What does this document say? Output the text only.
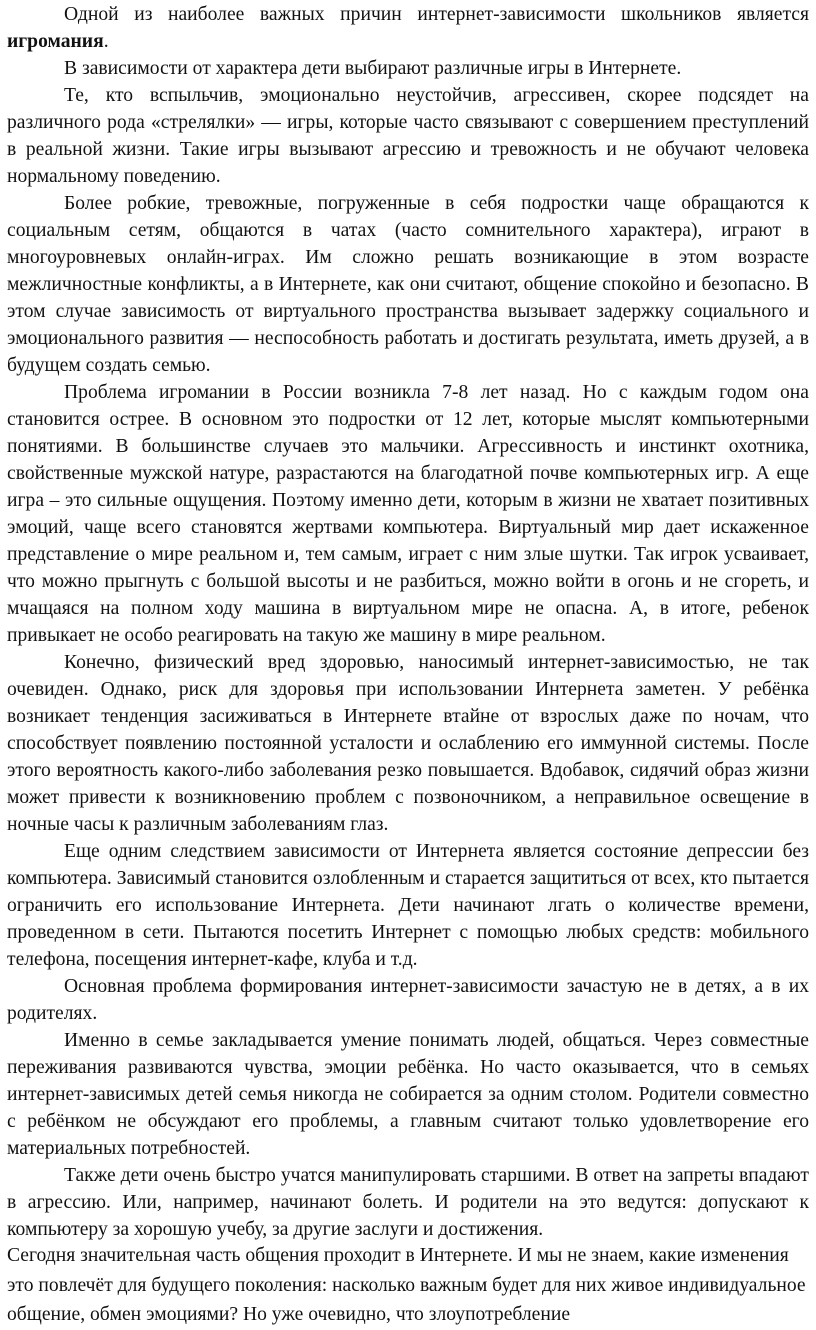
Одной из наиболее важных причин интернет-зависимости школьников является игромания.

В зависимости от характера дети выбирают различные игры в Интернете.

Те, кто вспыльчив, эмоционально неустойчив, агрессивен, скорее подсядет на различного рода «стрелялки» — игры, которые часто связывают с совершением преступлений в реальной жизни. Такие игры вызывают агрессию и тревожность и не обучают человека нормальному поведению.

Более робкие, тревожные, погруженные в себя подростки чаще обращаются к социальным сетям, общаются в чатах (часто сомнительного характера), играют в многоуровневых онлайн-играх. Им сложно решать возникающие в этом возрасте межличностные конфликты, а в Интернете, как они считают, общение спокойно и безопасно. В этом случае зависимость от виртуального пространства вызывает задержку социального и эмоционального развития — неспособность работать и достигать результата, иметь друзей, а в будущем создать семью.

Проблема игромании в России возникла 7-8 лет назад. Но с каждым годом она становится острее. В основном это подростки от 12 лет, которые мыслят компьютерными понятиями. В большинстве случаев это мальчики. Агрессивность и инстинкт охотника, свойственные мужской натуре, разрастаются на благодатной почве компьютерных игр. А еще игра – это сильные ощущения. Поэтому именно дети, которым в жизни не хватает позитивных эмоций, чаще всего становятся жертвами компьютера. Виртуальный мир дает искаженное представление о мире реальном и, тем самым, играет с ним злые шутки. Так игрок усваивает, что можно прыгнуть с большой высоты и не разбиться, можно войти в огонь и не сгореть, и мчащаяся на полном ходу машина в виртуальном мире не опасна. А, в итоге, ребенок привыкает не особо реагировать на такую же машину в мире реальном.

Конечно, физический вред здоровью, наносимый интернет-зависимостью, не так очевиден. Однако, риск для здоровья при использовании Интернета заметен. У ребёнка возникает тенденция засиживаться в Интернете втайне от взрослых даже по ночам, что способствует появлению постоянной усталости и ослаблению его иммунной системы. После этого вероятность какого-либо заболевания резко повышается. Вдобавок, сидячий образ жизни может привести к возникновению проблем с позвоночником, а неправильное освещение в ночные часы к различным заболеваниям глаз.

Еще одним следствием зависимости от Интернета является состояние депрессии без компьютера. Зависимый становится озлобленным и старается защититься от всех, кто пытается ограничить его использование Интернета. Дети начинают лгать о количестве времени, проведенном в сети. Пытаются посетить Интернет с помощью любых средств: мобильного телефона, посещения интернет-кафе, клуба и т.д.

Основная проблема формирования интернет-зависимости зачастую не в детях, а в их родителях.

Именно в семье закладывается умение понимать людей, общаться. Через совместные переживания развиваются чувства, эмоции ребёнка. Но часто оказывается, что в семьях интернет-зависимых детей семья никогда не собирается за одним столом. Родители совместно с ребёнком не обсуждают его проблемы, а главным считают только удовлетворение его материальных потребностей.

Также дети очень быстро учатся манипулировать старшими. В ответ на запреты впадают в агрессию. Или, например, начинают болеть. И родители на это ведутся: допускают к компьютеру за хорошую учебу, за другие заслуги и достижения.

Сегодня значительная часть общения проходит в Интернете. И мы не знаем, какие изменения это повлечёт для будущего поколения: насколько важным будет для них живое индивидуальное общение, обмен эмоциями? Но уже очевидно, что злоупотребление
